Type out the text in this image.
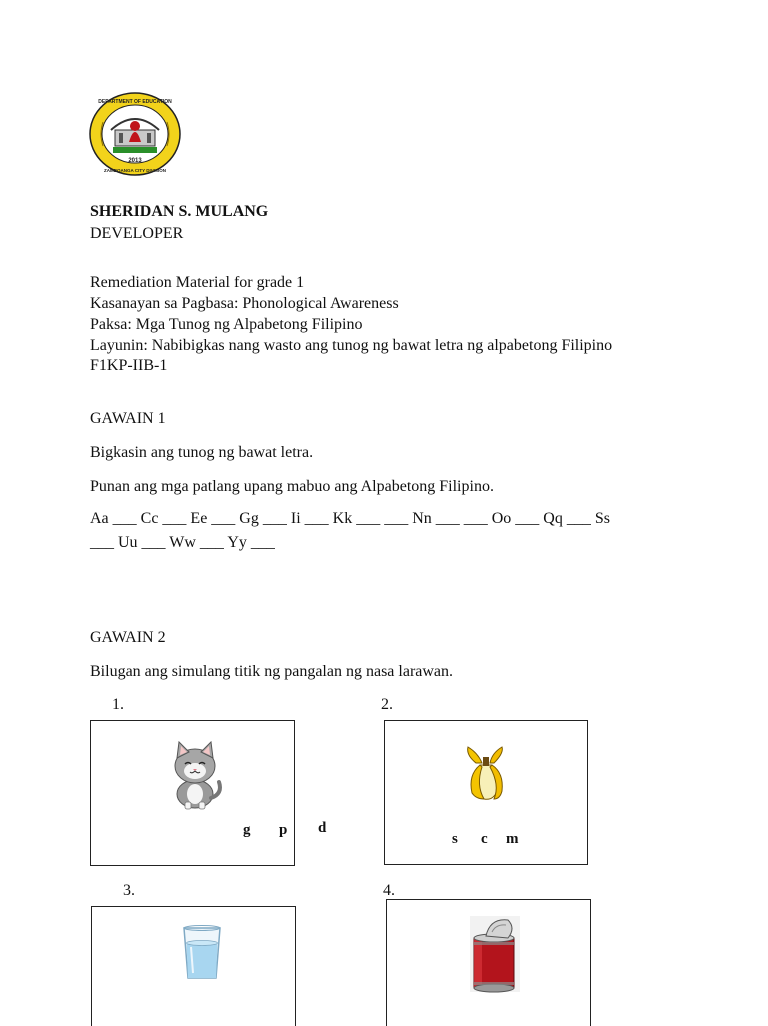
2013
DEPARTMENT OF EDUCATION
ZAMBOANGA CITY DIVISION
SHERIDAN S. MULANG
DEVELOPER
Remediation Material for grade 1
Kasanayan sa Pagbasa: Phonological Awareness
Paksa: Mga Tunog ng Alpabetong Filipino
Layunin: Nabibigkas nang wasto ang tunog ng bawat letra ng alpabetong Filipino
F1KP-IIB-1
GAWAIN 1
Bigkasin ang tunog ng bawat letra.
Punan ang mga patlang upang mabuo ang Alpabetong Filipino.
Aa ___ Cc ___ Ee ___ Gg ___ Ii ___ Kk ___ ___ Nn ___ ___ Oo ___ Qq ___ Ss
___ Uu ___ Ww ___ Yy ___
GAWAIN 2
Bilugan ang simulang titik ng pangalan ng nasa larawan.
1.	2.
3.	4.
g p d
s c m
